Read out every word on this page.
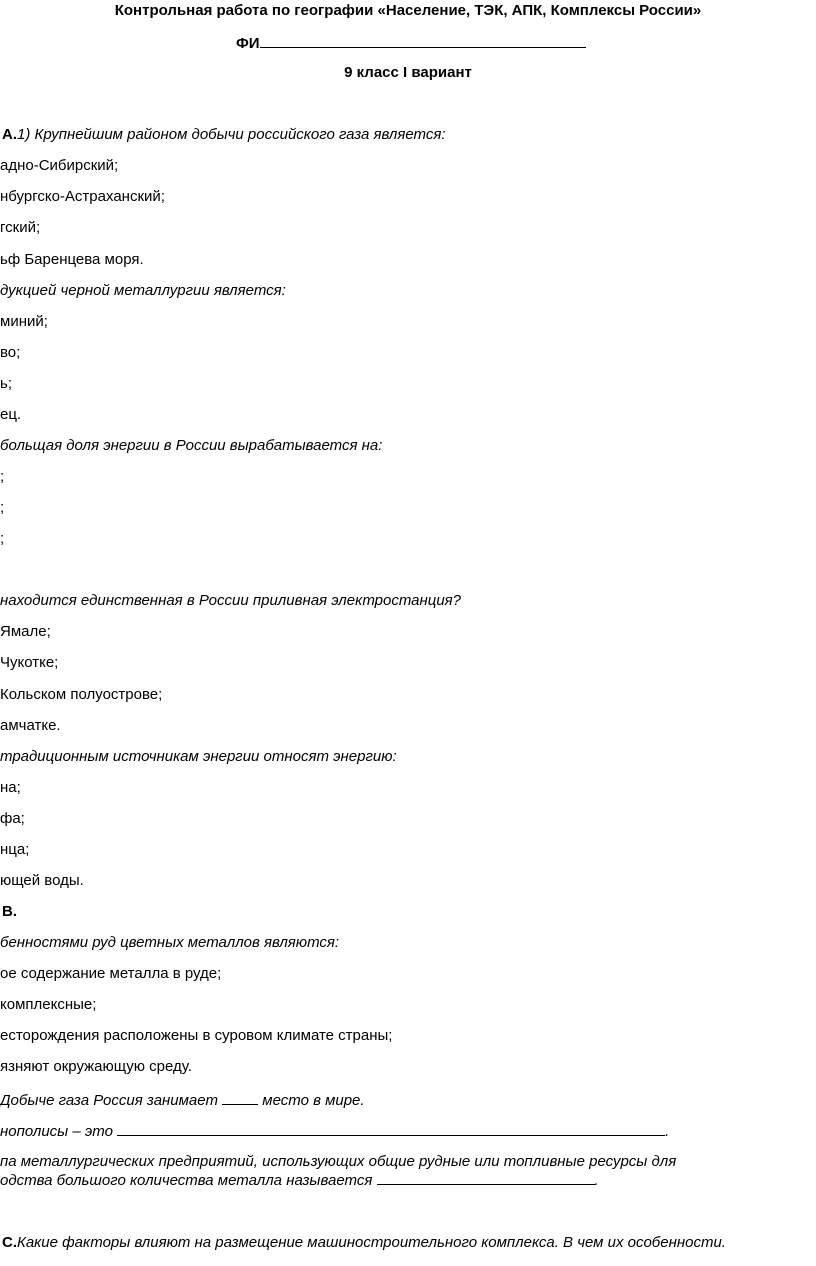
Контрольная работа по географии «Население, ТЭК, АПК, Комплексы России»
ФИ
9 класс I вариант
А.1) Крупнейшим районом добычи российского газа является:
адно-Сибирский;
нбургско-Астраханский;
гский;
ьф Баренцева моря.
дукцией черной металлургии является:
миний;
во;
ь;
ец.
больщая доля энергии в России вырабатывается на:
;
;
;
находится единственная в России приливная электростанция?
Ямале;
Чукотке;
Кольском полуострове;
амчатке.
традиционным источникам энергии относят энергию:
на;
фа;
нца;
ющей воды.
В.
бенностями руд цветных металлов являются:
ое содержание металла в руде;
комплексные;
есторождения расположены в суровом климате страны;
язняют окружающую среду.
Добыче газа Россия занимает	место в мире.
нополисы – это	.
па металлургических предприятий, использующих общие рудные или топливные ресурсы для
одства большого количества металла называется	.
С.Какие факторы влияют на размещение машиностроительного комплекса. В чем их особенности.
